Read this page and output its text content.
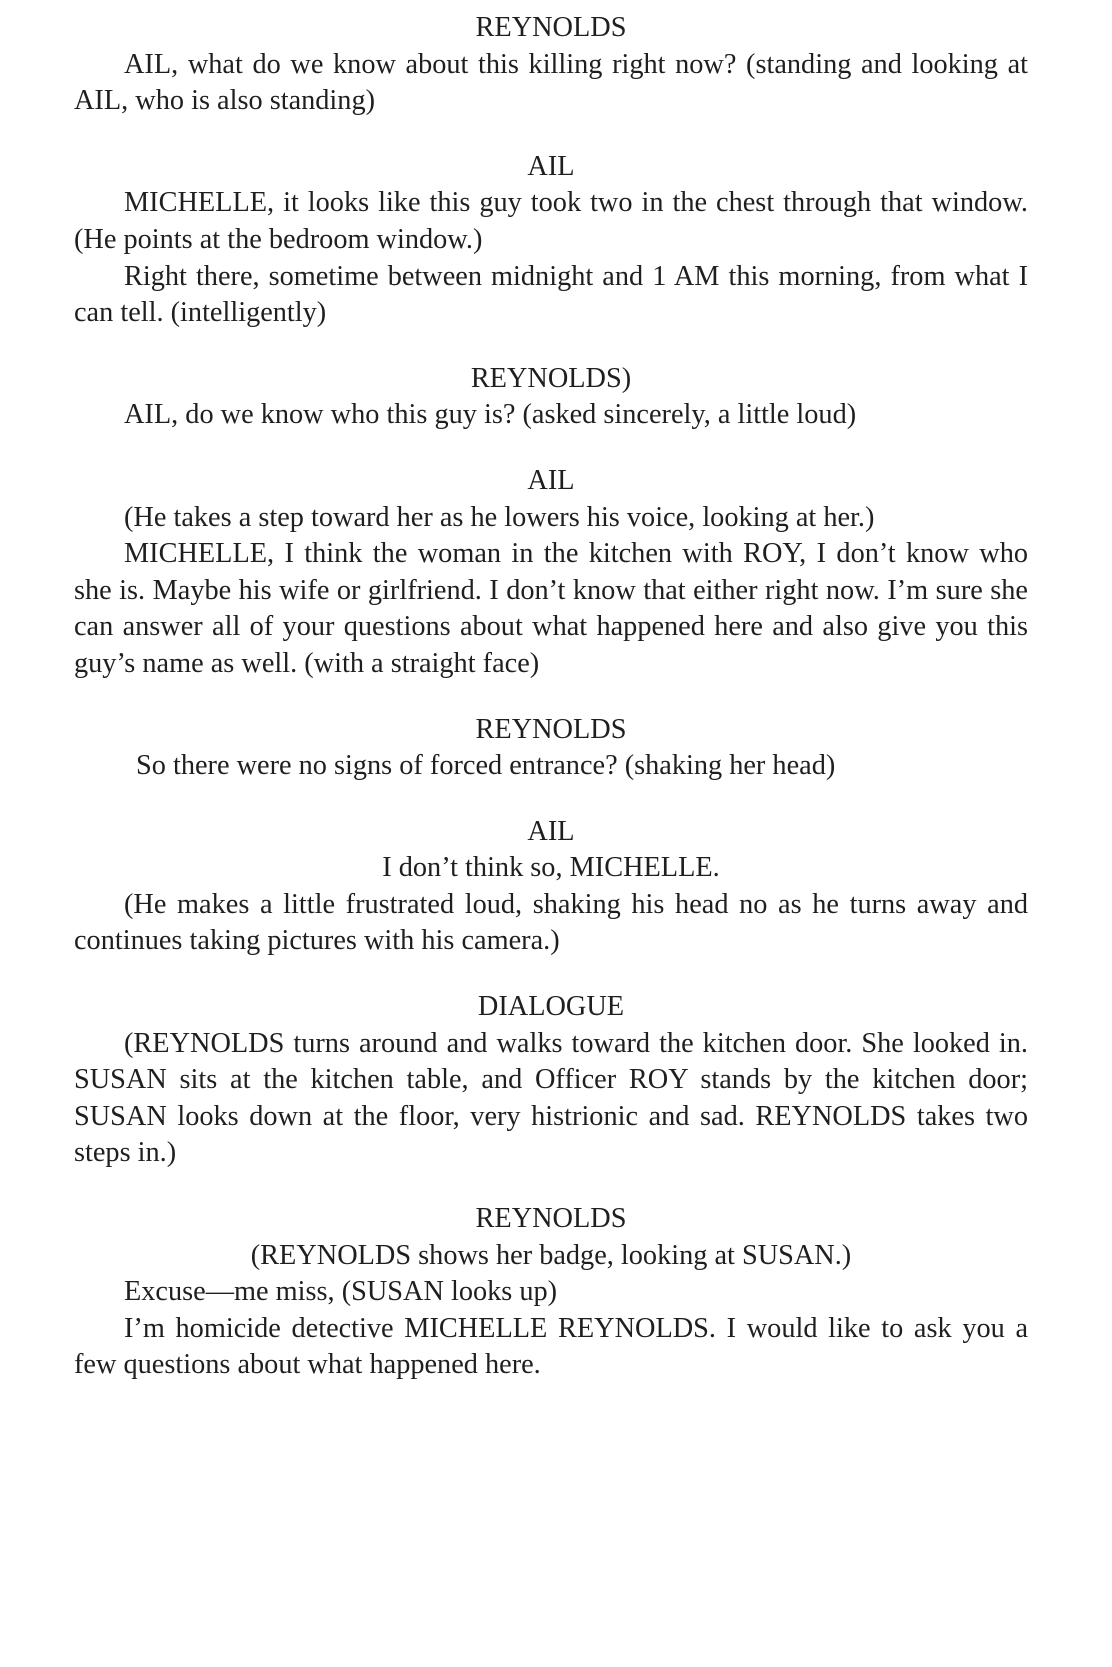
REYNOLDS

AIL, what do we know about this killing right now? (standing and looking at AIL, who is also standing)

AIL

MICHELLE, it looks like this guy took two in the chest through that window. (He points at the bedroom window.)

Right there, sometime between midnight and 1 AM this morning, from what I can tell. (intelligently)

REYNOLDS)

AIL, do we know who this guy is? (asked sincerely, a little loud)

AIL

(He takes a step toward her as he lowers his voice, looking at her.)

MICHELLE, I think the woman in the kitchen with ROY, I don’t know who she is. Maybe his wife or girlfriend. I don’t know that either right now. I’m sure she can answer all of your questions about what happened here and also give you this guy’s name as well. (with a straight face)

REYNOLDS

So there were no signs of forced entrance? (shaking her head)

AIL

I don’t think so, MICHELLE.

(He makes a little frustrated loud, shaking his head no as he turns away and continues taking pictures with his camera.)

DIALOGUE

(REYNOLDS turns around and walks toward the kitchen door. She looked in. SUSAN sits at the kitchen table, and Officer ROY stands by the kitchen door; SUSAN looks down at the floor, very histrionic and sad. REYNOLDS takes two steps in.)

REYNOLDS

(REYNOLDS shows her badge, looking at SUSAN.)

Excuse—me miss, (SUSAN looks up)

I’m homicide detective MICHELLE REYNOLDS. I would like to ask you a few questions about what happened here.
